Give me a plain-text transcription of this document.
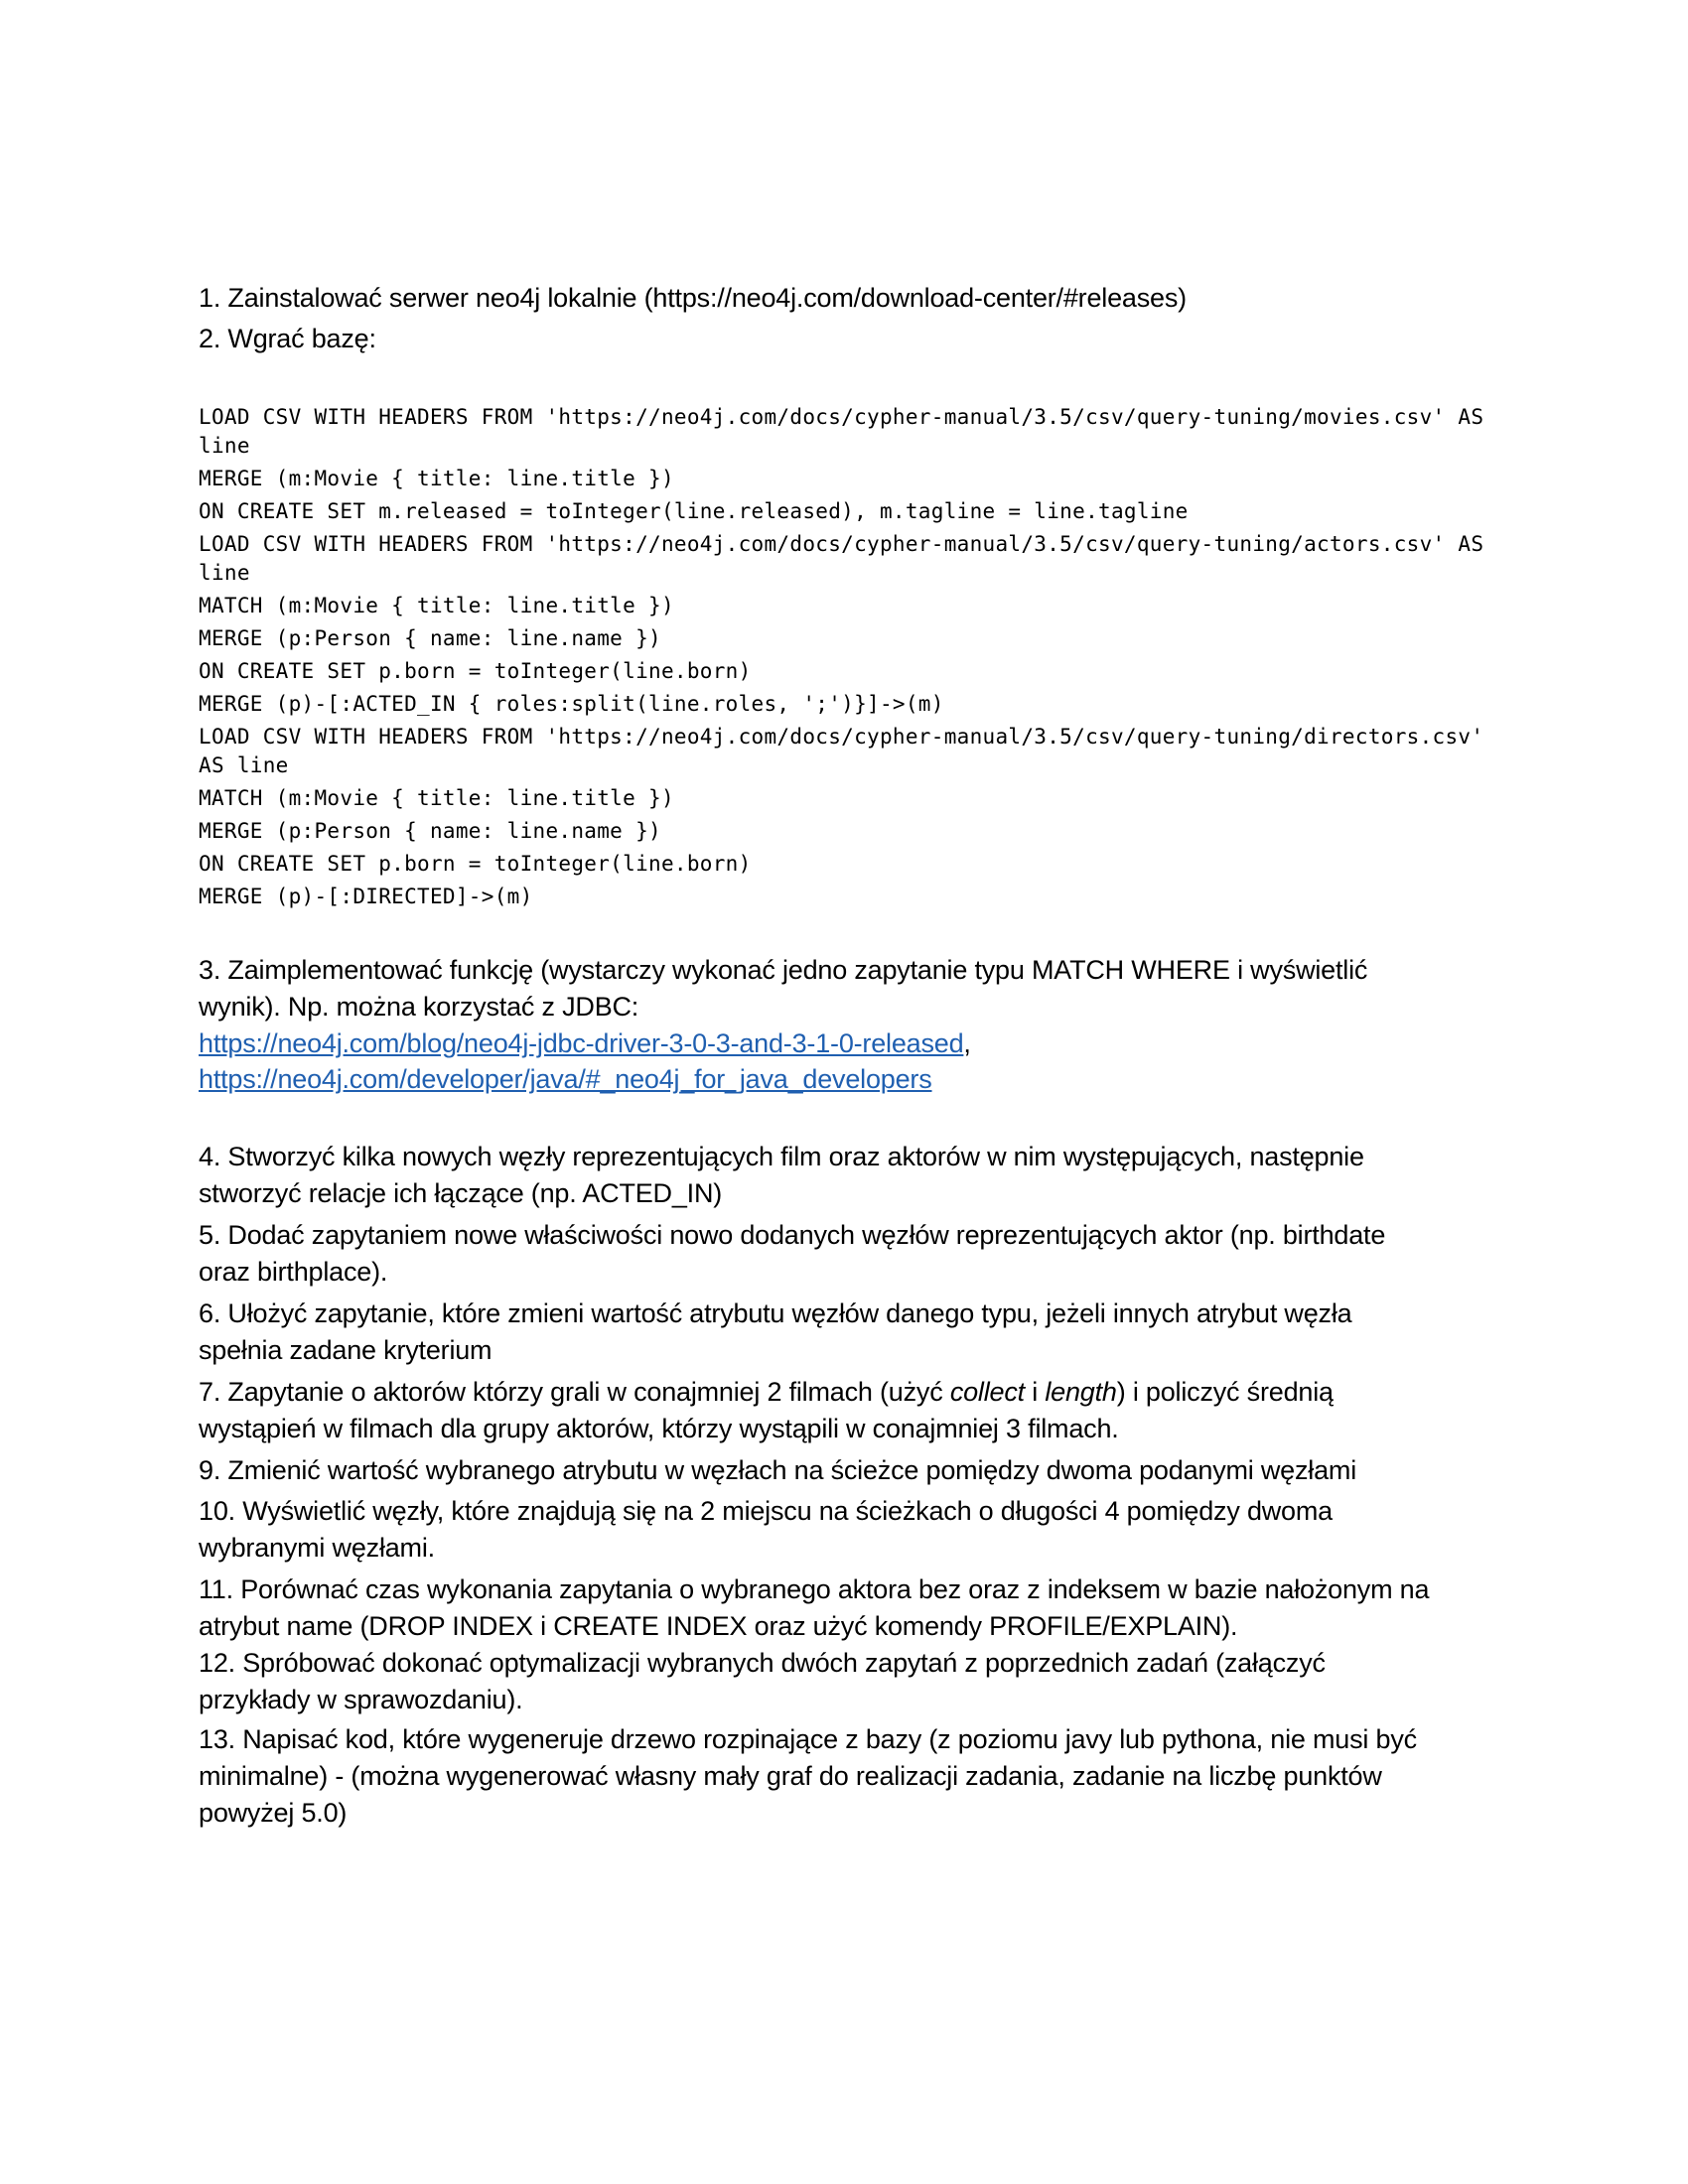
1. Zainstalować serwer neo4j lokalnie (https://neo4j.com/download-center/#releases)
2. Wgrać bazę:
LOAD CSV WITH HEADERS FROM 'https://neo4j.com/docs/cypher-manual/3.5/csv/query-tuning/movies.csv' AS
line
MERGE (m:Movie { title: line.title })
ON CREATE SET m.released = toInteger(line.released), m.tagline = line.tagline
LOAD CSV WITH HEADERS FROM 'https://neo4j.com/docs/cypher-manual/3.5/csv/query-tuning/actors.csv' AS
line
MATCH (m:Movie { title: line.title })
MERGE (p:Person { name: line.name })
ON CREATE SET p.born = toInteger(line.born)
MERGE (p)-[:ACTED_IN { roles:split(line.roles, ';')}]->(m)
LOAD CSV WITH HEADERS FROM 'https://neo4j.com/docs/cypher-manual/3.5/csv/query-tuning/directors.csv'
AS line
MATCH (m:Movie { title: line.title })
MERGE (p:Person { name: line.name })
ON CREATE SET p.born = toInteger(line.born)
MERGE (p)-[:DIRECTED]->(m)
3. Zaimplementować funkcję (wystarczy wykonać jedno zapytanie typu MATCH WHERE i wyświetlić
wynik). Np. można korzystać z JDBC:
https://neo4j.com/blog/neo4j-jdbc-driver-3-0-3-and-3-1-0-released,
https://neo4j.com/developer/java/#_neo4j_for_java_developers
4. Stworzyć kilka nowych węzły reprezentujących film oraz aktorów w nim występujących, następnie
stworzyć relacje ich łączące (np. ACTED_IN)
5. Dodać zapytaniem nowe właściwości nowo dodanych węzłów reprezentujących aktor (np. birthdate
oraz birthplace).
6. Ułożyć zapytanie, które zmieni wartość atrybutu węzłów danego typu, jeżeli innych atrybut węzła
spełnia zadane kryterium
7. Zapytanie o aktorów którzy grali w conajmniej 2 filmach (użyć collect i length) i policzyć średnią
wystąpień w filmach dla grupy aktorów, którzy wystąpili w conajmniej 3 filmach.
9. Zmienić wartość wybranego atrybutu w węzłach na ścieżce pomiędzy dwoma podanymi węzłami
10. Wyświetlić węzły, które znajdują się na 2 miejscu na ścieżkach o długości 4 pomiędzy dwoma
wybranymi węzłami.
11. Porównać czas wykonania zapytania o wybranego aktora bez oraz z indeksem w bazie nałożonym na
atrybut name (DROP INDEX i CREATE INDEX oraz użyć komendy PROFILE/EXPLAIN).
12. Spróbować dokonać optymalizacji wybranych dwóch zapytań z poprzednich zadań (załączyć
przykłady w sprawozdaniu).
13. Napisać kod, które wygeneruje drzewo rozpinające z bazy (z poziomu javy lub pythona, nie musi być
minimalne) - (można wygenerować własny mały graf do realizacji zadania, zadanie na liczbę punktów
powyżej 5.0)
